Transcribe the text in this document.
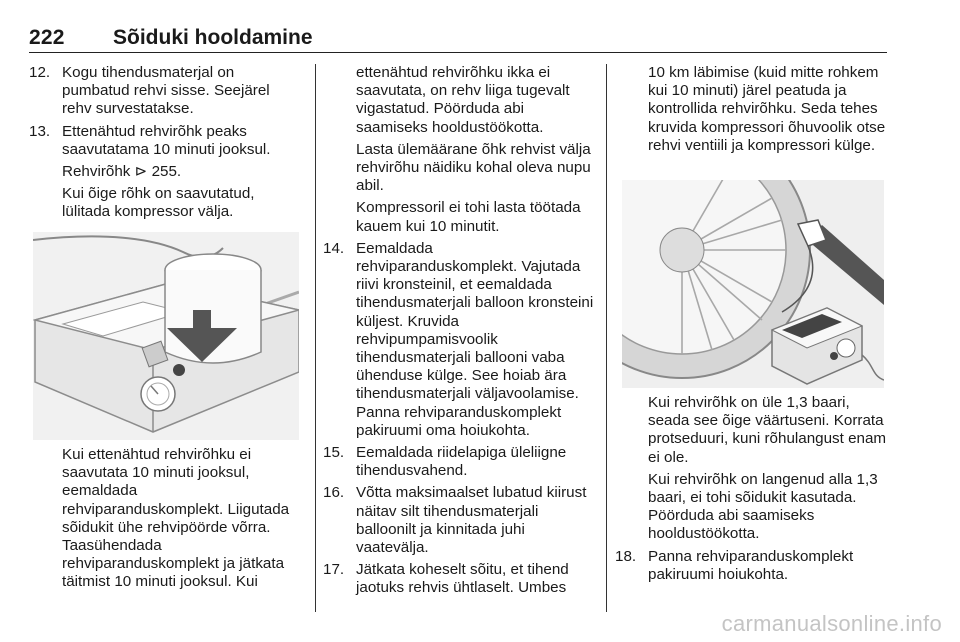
222 Sõiduki hooldamine
12. Kogu tihendusmaterjal on pumbatud rehvi sisse. Seejärel rehv survestatakse.
13. Ettenähtud rehvirõhk peaks saavutatama 10 minuti jooksul.
Rehvirõhk ⊳ 255.
Kui õige rõhk on saavutatud, lülitada kompressor välja.
Kui ettenähtud rehvirõhku ei saavutata 10 minuti jooksul, eemaldada rehviparanduskomplekt. Liigutada sõidukit ühe rehvipöörde võrra. Taasühendada rehviparanduskomplekt ja jätkata täitmist 10 minuti jooksul. Kui
ettenähtud rehvirõhku ikka ei saavutata, on rehv liiga tugevalt vigastatud. Pöörduda abi saamiseks hooldustöökotta.
Lasta ülemäärane õhk rehvist välja rehvirõhu näidiku kohal oleva nupu abil.
Kompressoril ei tohi lasta töötada kauem kui 10 minutit.
14. Eemaldada rehviparanduskomplekt. Vajutada riivi kronsteinil, et eemaldada tihendusmaterjali balloon kronsteini küljest. Kruvida rehvipumpamisvoolik tihendusmaterjali ballooni vaba ühenduse külge. See hoiab ära tihendusmaterjali väljavoolamise. Panna rehviparanduskomplekt pakiruumi oma hoiukohta.
15. Eemaldada riidelapiga üleliigne tihendusvahend.
16. Võtta maksimaalset lubatud kiirust näitav silt tihendusmaterjali balloonilt ja kinnitada juhi vaatevälja.
17. Jätkata koheselt sõitu, et tihend jaotuks rehvis ühtlaselt. Umbes
10 km läbimise (kuid mitte rohkem kui 10 minuti) järel peatuda ja kontrollida rehvirõhku. Seda tehes kruvida kompressori õhuvoolik otse rehvi ventiili ja kompressori külge.
Kui rehvirõhk on üle 1,3 baari, seada see õige väärtuseni. Korrata protseduuri, kuni rõhulangust enam ei ole.
Kui rehvirõhk on langenud alla 1,3 baari, ei tohi sõidukit kasutada. Pöörduda abi saamiseks hooldustöökotta.
18. Panna rehviparanduskomplekt pakiruumi hoiukohta.
carmanualsonline.info
